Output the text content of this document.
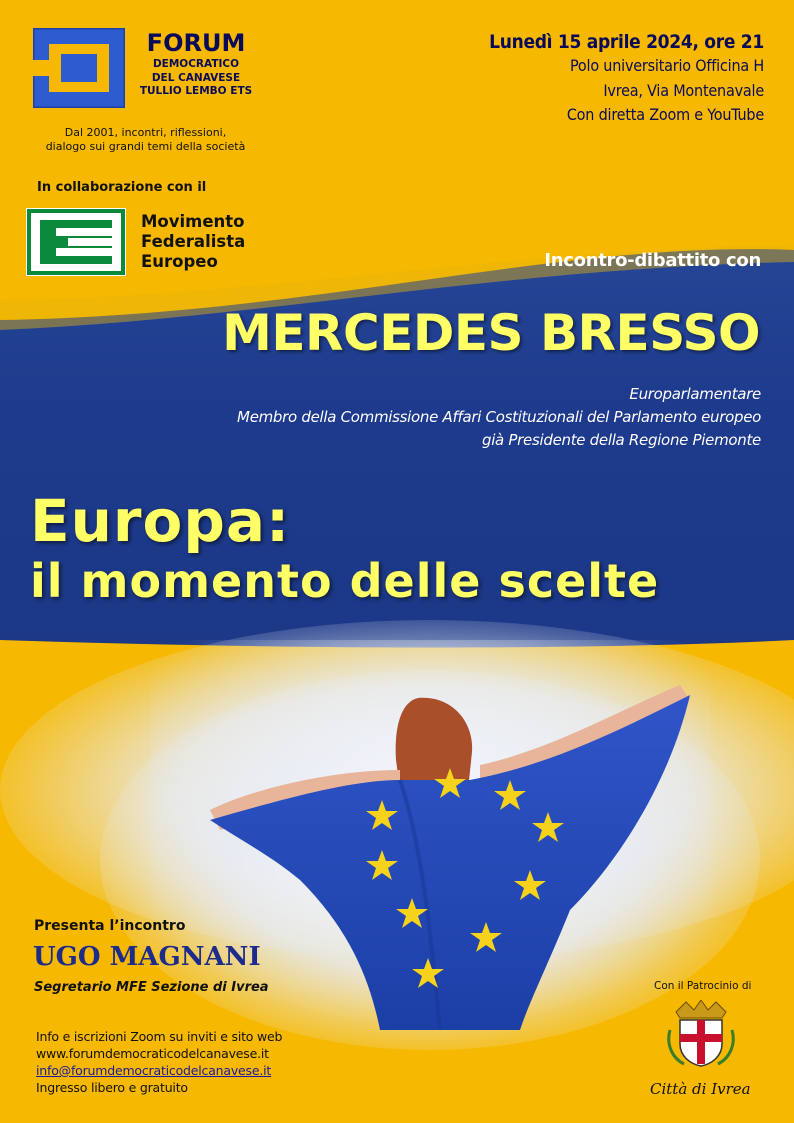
FORUM
DEMOCRATICO
DEL CANAVESE
TULLIO LEMBO ETS
Dal 2001, incontri, riflessioni,
dialogo sui grandi temi della società
In collaborazione con il
Movimento
Federalista
Europeo
Lunedì 15 aprile 2024, ore 21
Polo universitario Officina H
Ivrea, Via Montenavale
Con diretta Zoom e YouTube
Incontro-dibattito con
MERCEDES BRESSO
Europarlamentare
Membro della Commissione Affari Costituzionali del Parlamento europeo
già Presidente della Regione Piemonte
Europa:
il momento delle scelte
Presenta l’incontro
UGO MAGNANI
Segretario MFE Sezione di Ivrea
Info e iscrizioni Zoom su inviti e sito web
www.forumdemocraticodelcanavese.it
info@forumdemocraticodelcanavese.it
Ingresso libero e gratuito
Con il Patrocinio di
Città di Ivrea
